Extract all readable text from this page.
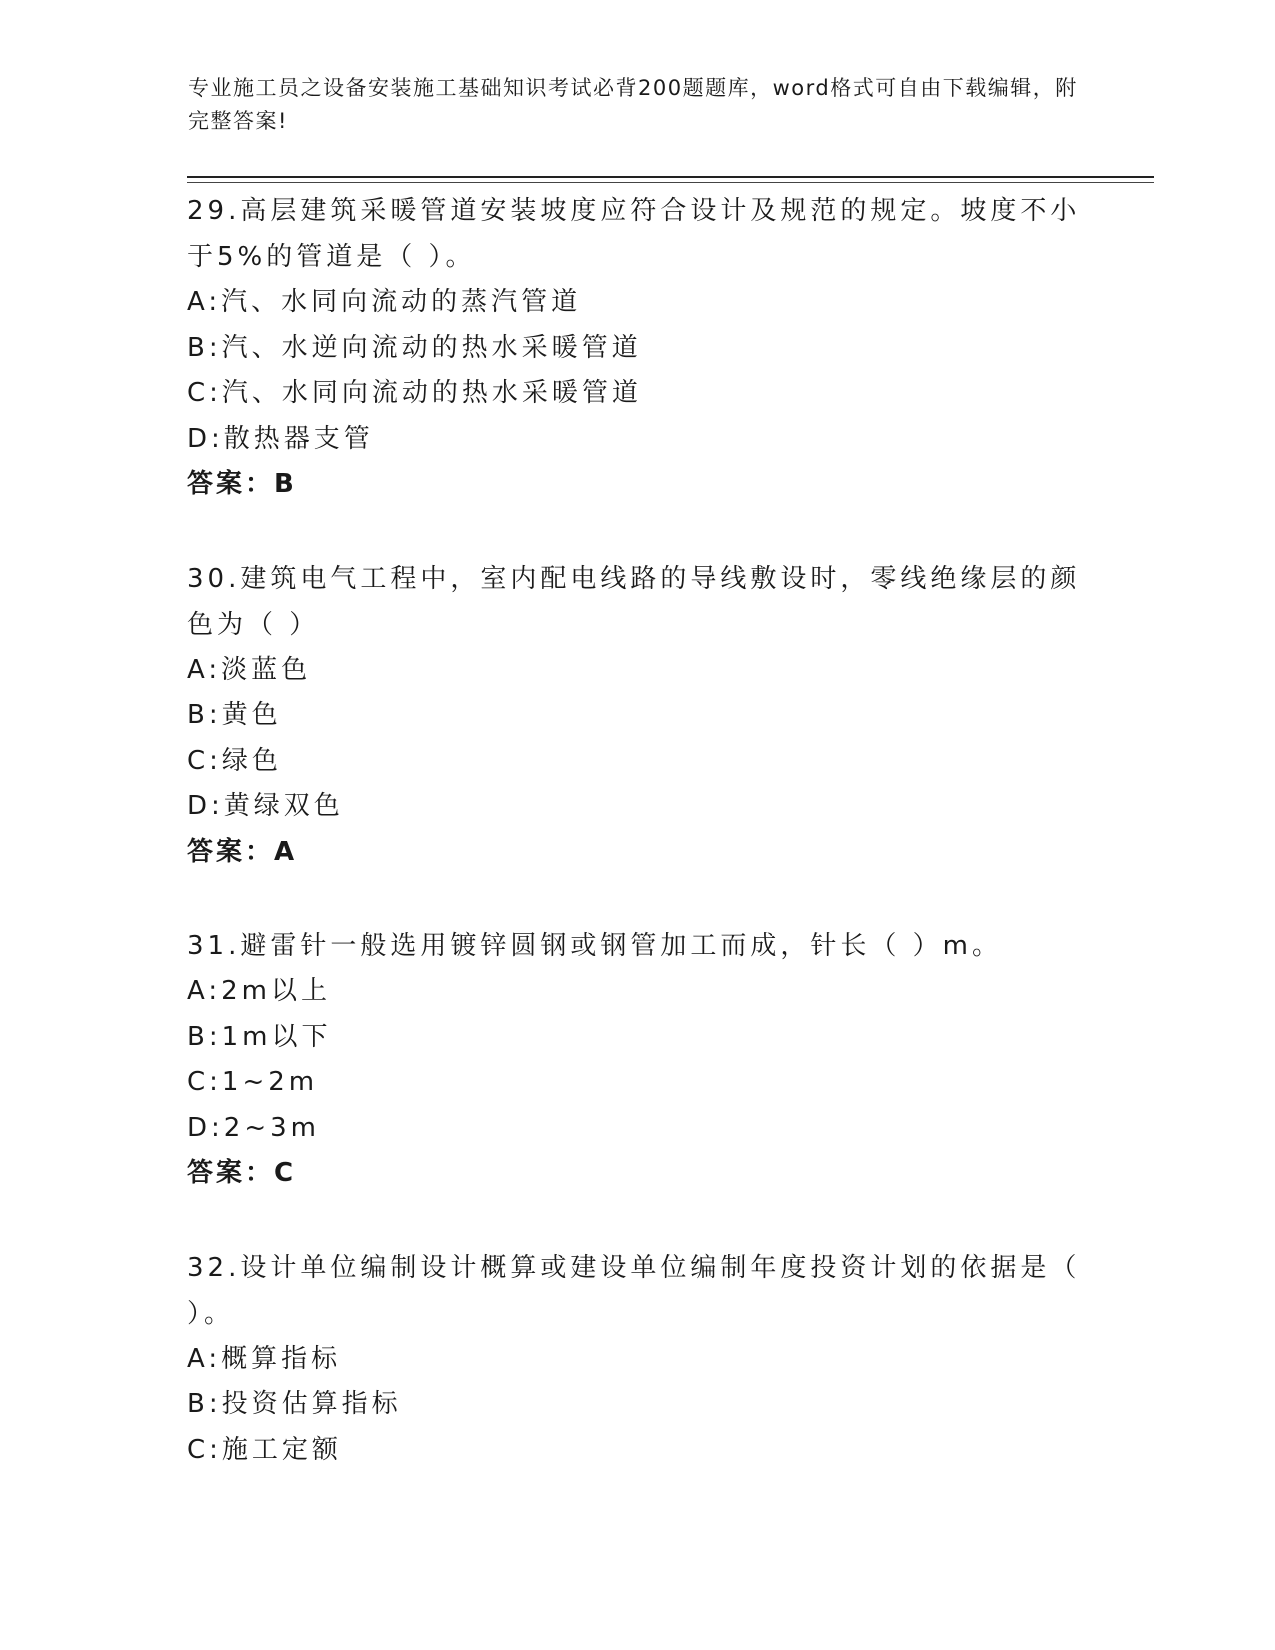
专业施工员之设备安装施工基础知识考试必背200题题库，word格式可自由下载编辑，附完整答案!

29.高层建筑采暖管道安装坡度应符合设计及规范的规定。坡度不小于5%的管道是（ ）。

A:汽、水同向流动的蒸汽管道

B:汽、水逆向流动的热水采暖管道

C:汽、水同向流动的热水采暖管道

D:散热器支管

答案：B

30.建筑电气工程中，室内配电线路的导线敷设时，零线绝缘层的颜色为（ ）

A:淡蓝色

B:黄色

C:绿色

D:黄绿双色

答案：A

31.避雷针一般选用镀锌圆钢或钢管加工而成，针长（ ）m。

A:2m以上

B:1m以下

C:1~2m

D:2~3m

答案：C

32.设计单位编制设计概算或建设单位编制年度投资计划的依据是（ ）。

A:概算指标

B:投资估算指标

C:施工定额
